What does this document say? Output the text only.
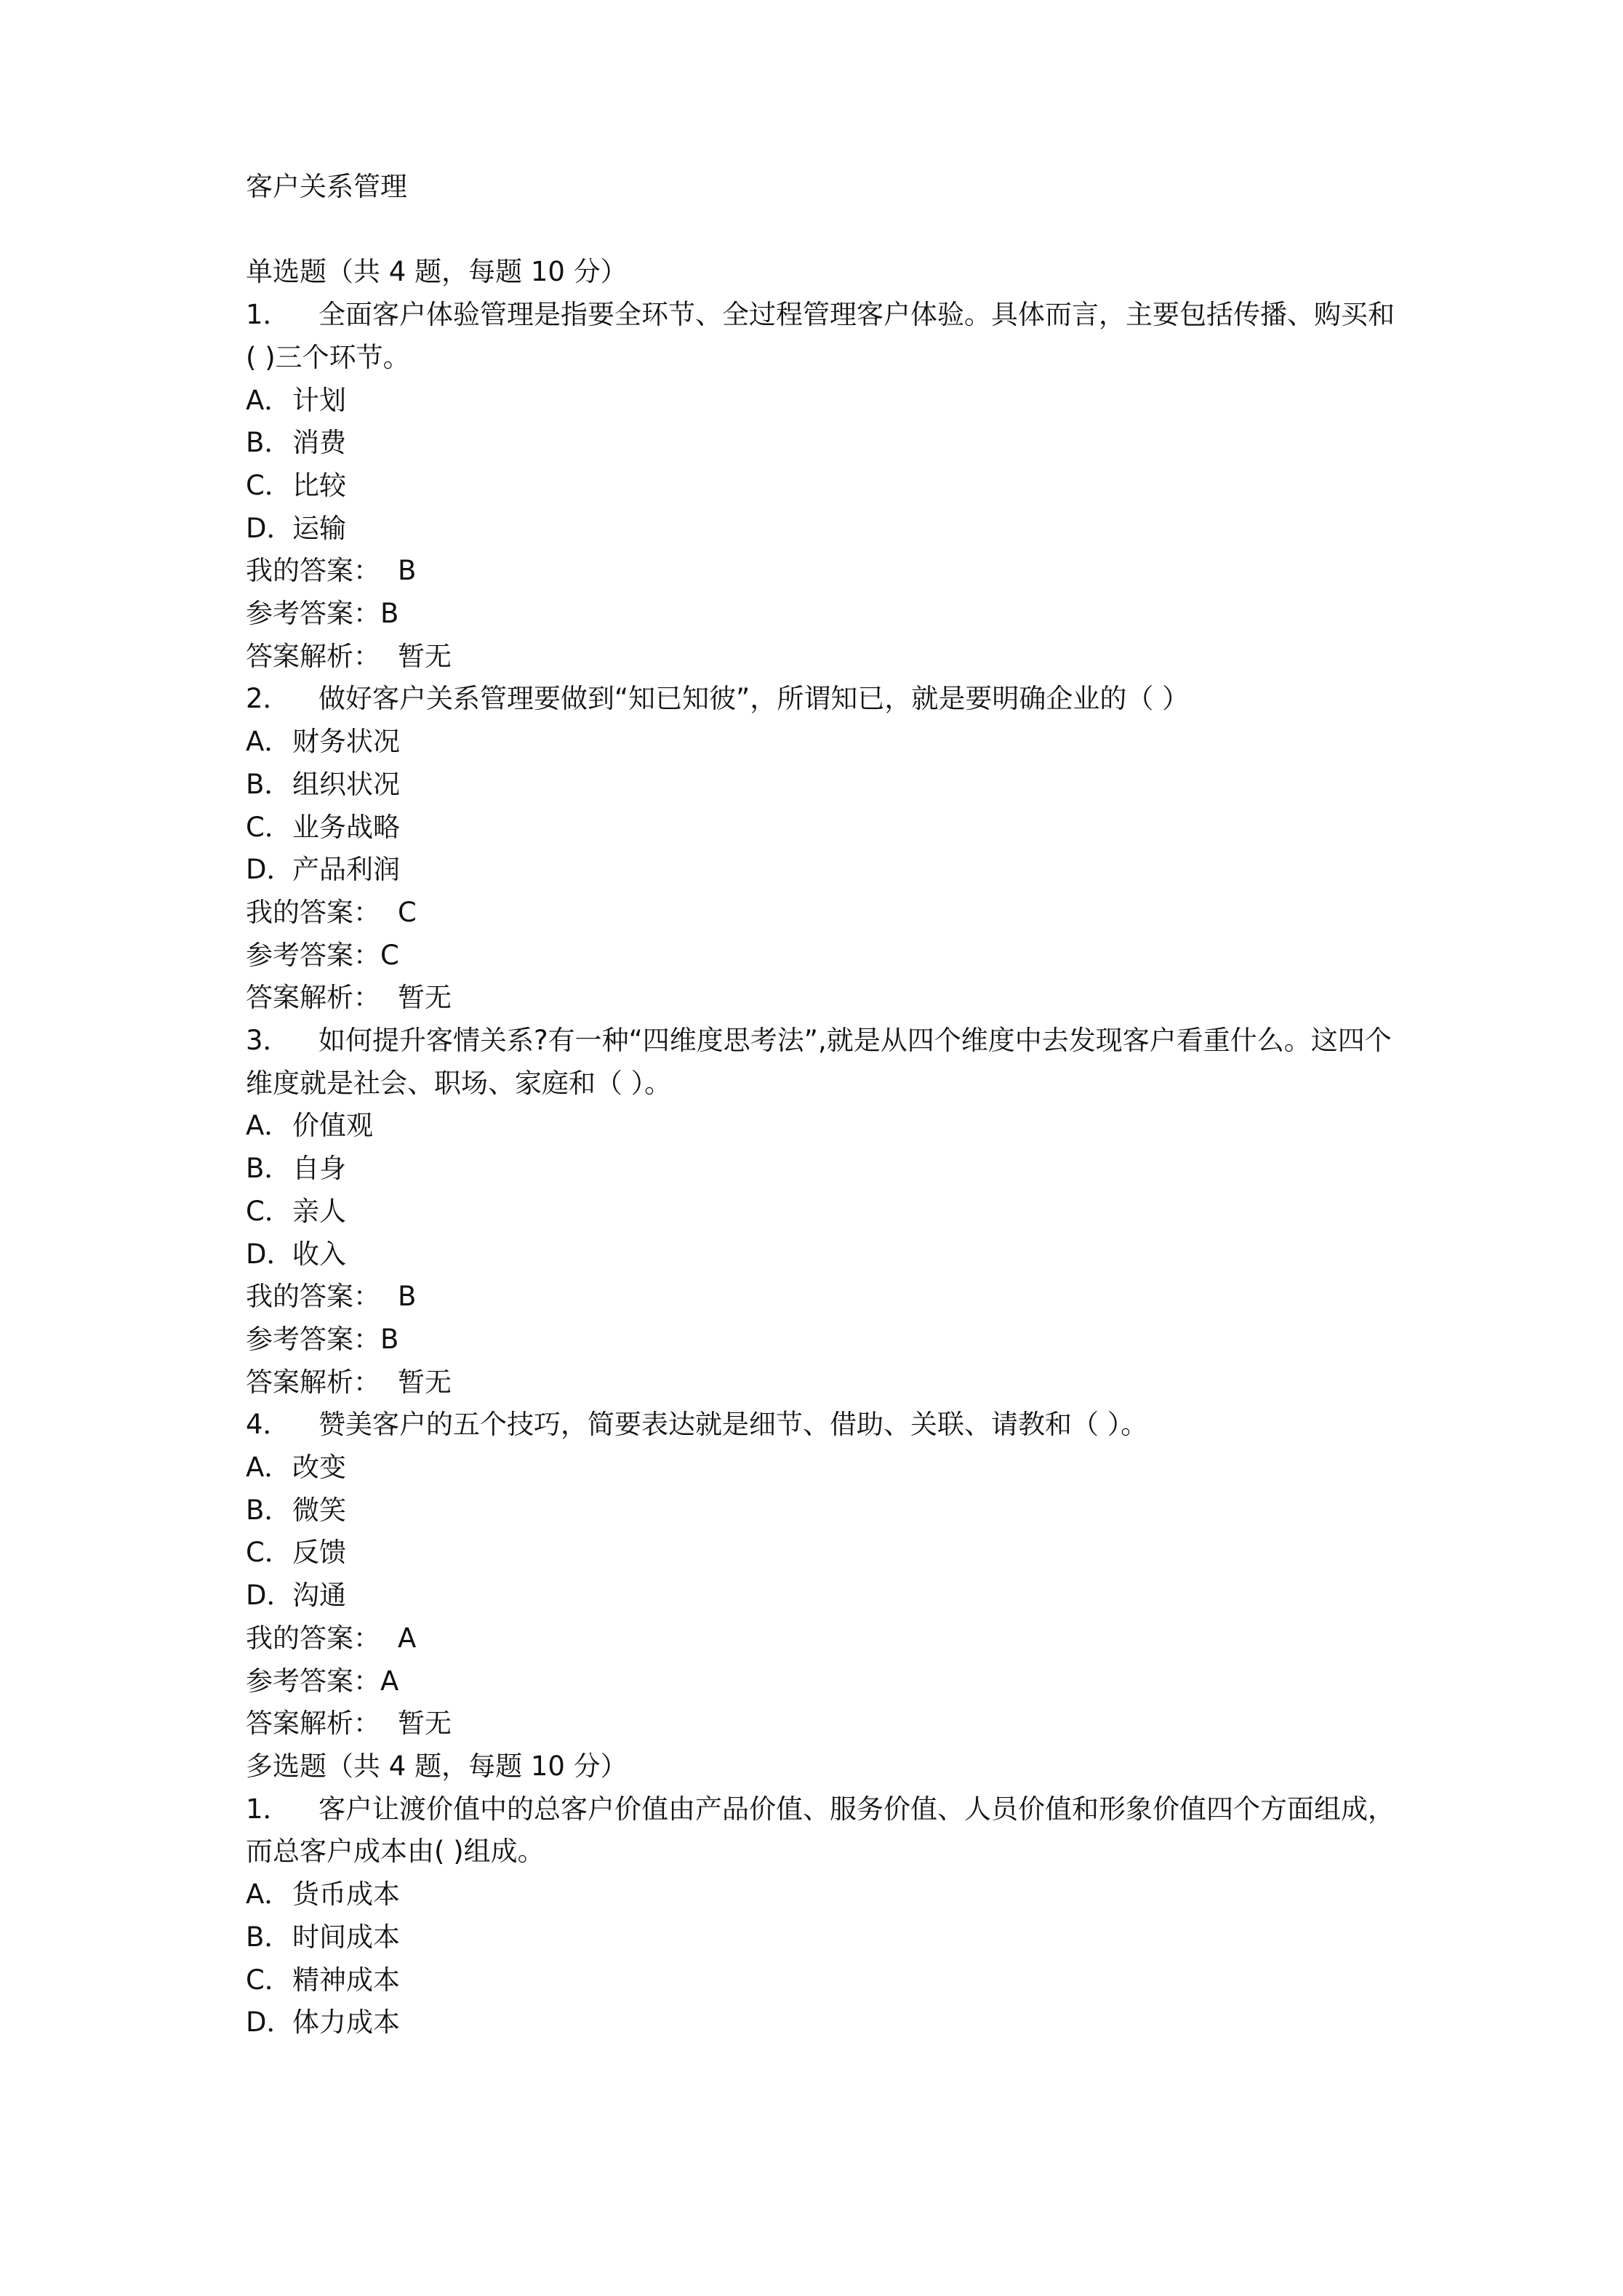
客户关系管理

单选题（共 4 题，每题 10 分）

1． 全面客户体验管理是指要全环节、全过程管理客户体验。具体而言，主要包括传播、购买和( )三个环节。

A．计划

B．消费

C．比较

D．运输

我的答案： B

参考答案：B

答案解析： 暂无

2． 做好客户关系管理要做到“知已知彼”，所谓知已，就是要明确企业的（ ）

A．财务状况

B．组织状况

C．业务战略

D．产品利润

我的答案： C

参考答案：C

答案解析： 暂无

3． 如何提升客情关系?有一种“四维度思考法”,就是从四个维度中去发现客户看重什么。这四个维度就是社会、职场、家庭和（ ）。

A．价值观

B．自身

C．亲人

D．收入

我的答案： B

参考答案：B

答案解析： 暂无

4． 赞美客户的五个技巧，简要表达就是细节、借助、关联、请教和（ ）。

A．改变

B．微笑

C．反馈

D．沟通

我的答案： A

参考答案：A

答案解析： 暂无

多选题（共 4 题，每题 10 分）

1． 客户让渡价值中的总客户价值由产品价值、服务价值、人员价值和形象价值四个方面组成，而总客户成本由( )组成。

A．货币成本

B．时间成本

C．精神成本

D．体力成本
